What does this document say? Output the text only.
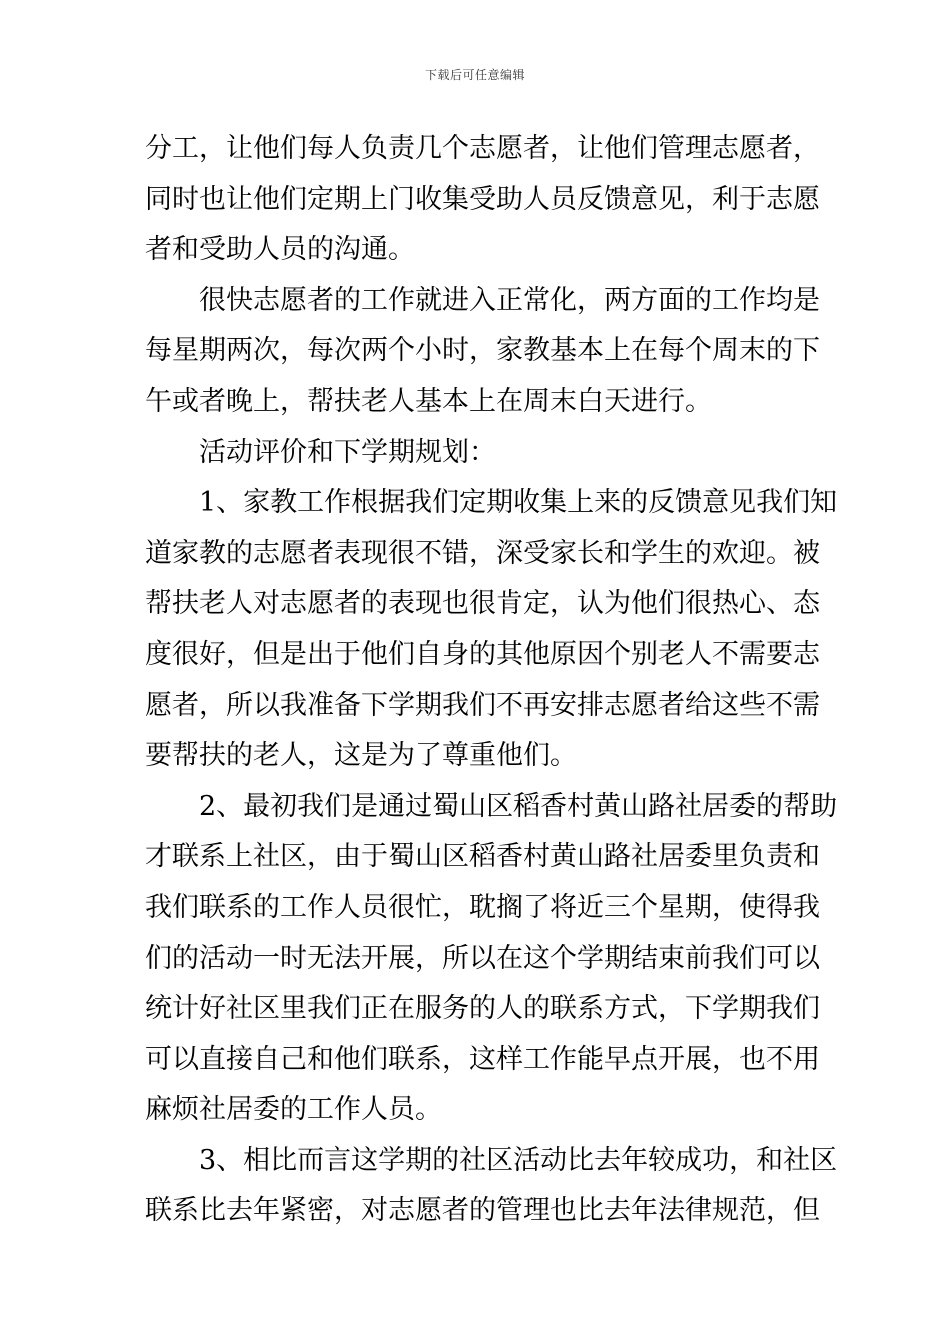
下载后可任意编辑
分工，让他们每人负责几个志愿者，让他们管理志愿者，
同时也让他们定期上门收集受助人员反馈意见，利于志愿
者和受助人员的沟通。
很快志愿者的工作就进入正常化，两方面的工作均是
每星期两次，每次两个小时，家教基本上在每个周末的下
午或者晚上，帮扶老人基本上在周末白天进行。
活动评价和下学期规划：
1、家教工作根据我们定期收集上来的反馈意见我们知
道家教的志愿者表现很不错，深受家长和学生的欢迎。被
帮扶老人对志愿者的表现也很肯定，认为他们很热心、态
度很好，但是出于他们自身的其他原因个别老人不需要志
愿者，所以我准备下学期我们不再安排志愿者给这些不需
要帮扶的老人，这是为了尊重他们。
2、最初我们是通过蜀山区稻香村黄山路社居委的帮助
才联系上社区，由于蜀山区稻香村黄山路社居委里负责和
我们联系的工作人员很忙，耽搁了将近三个星期，使得我
们的活动一时无法开展，所以在这个学期结束前我们可以
统计好社区里我们正在服务的人的联系方式，下学期我们
可以直接自己和他们联系，这样工作能早点开展，也不用
麻烦社居委的工作人员。
3、相比而言这学期的社区活动比去年较成功，和社区
联系比去年紧密，对志愿者的管理也比去年法律规范，但
